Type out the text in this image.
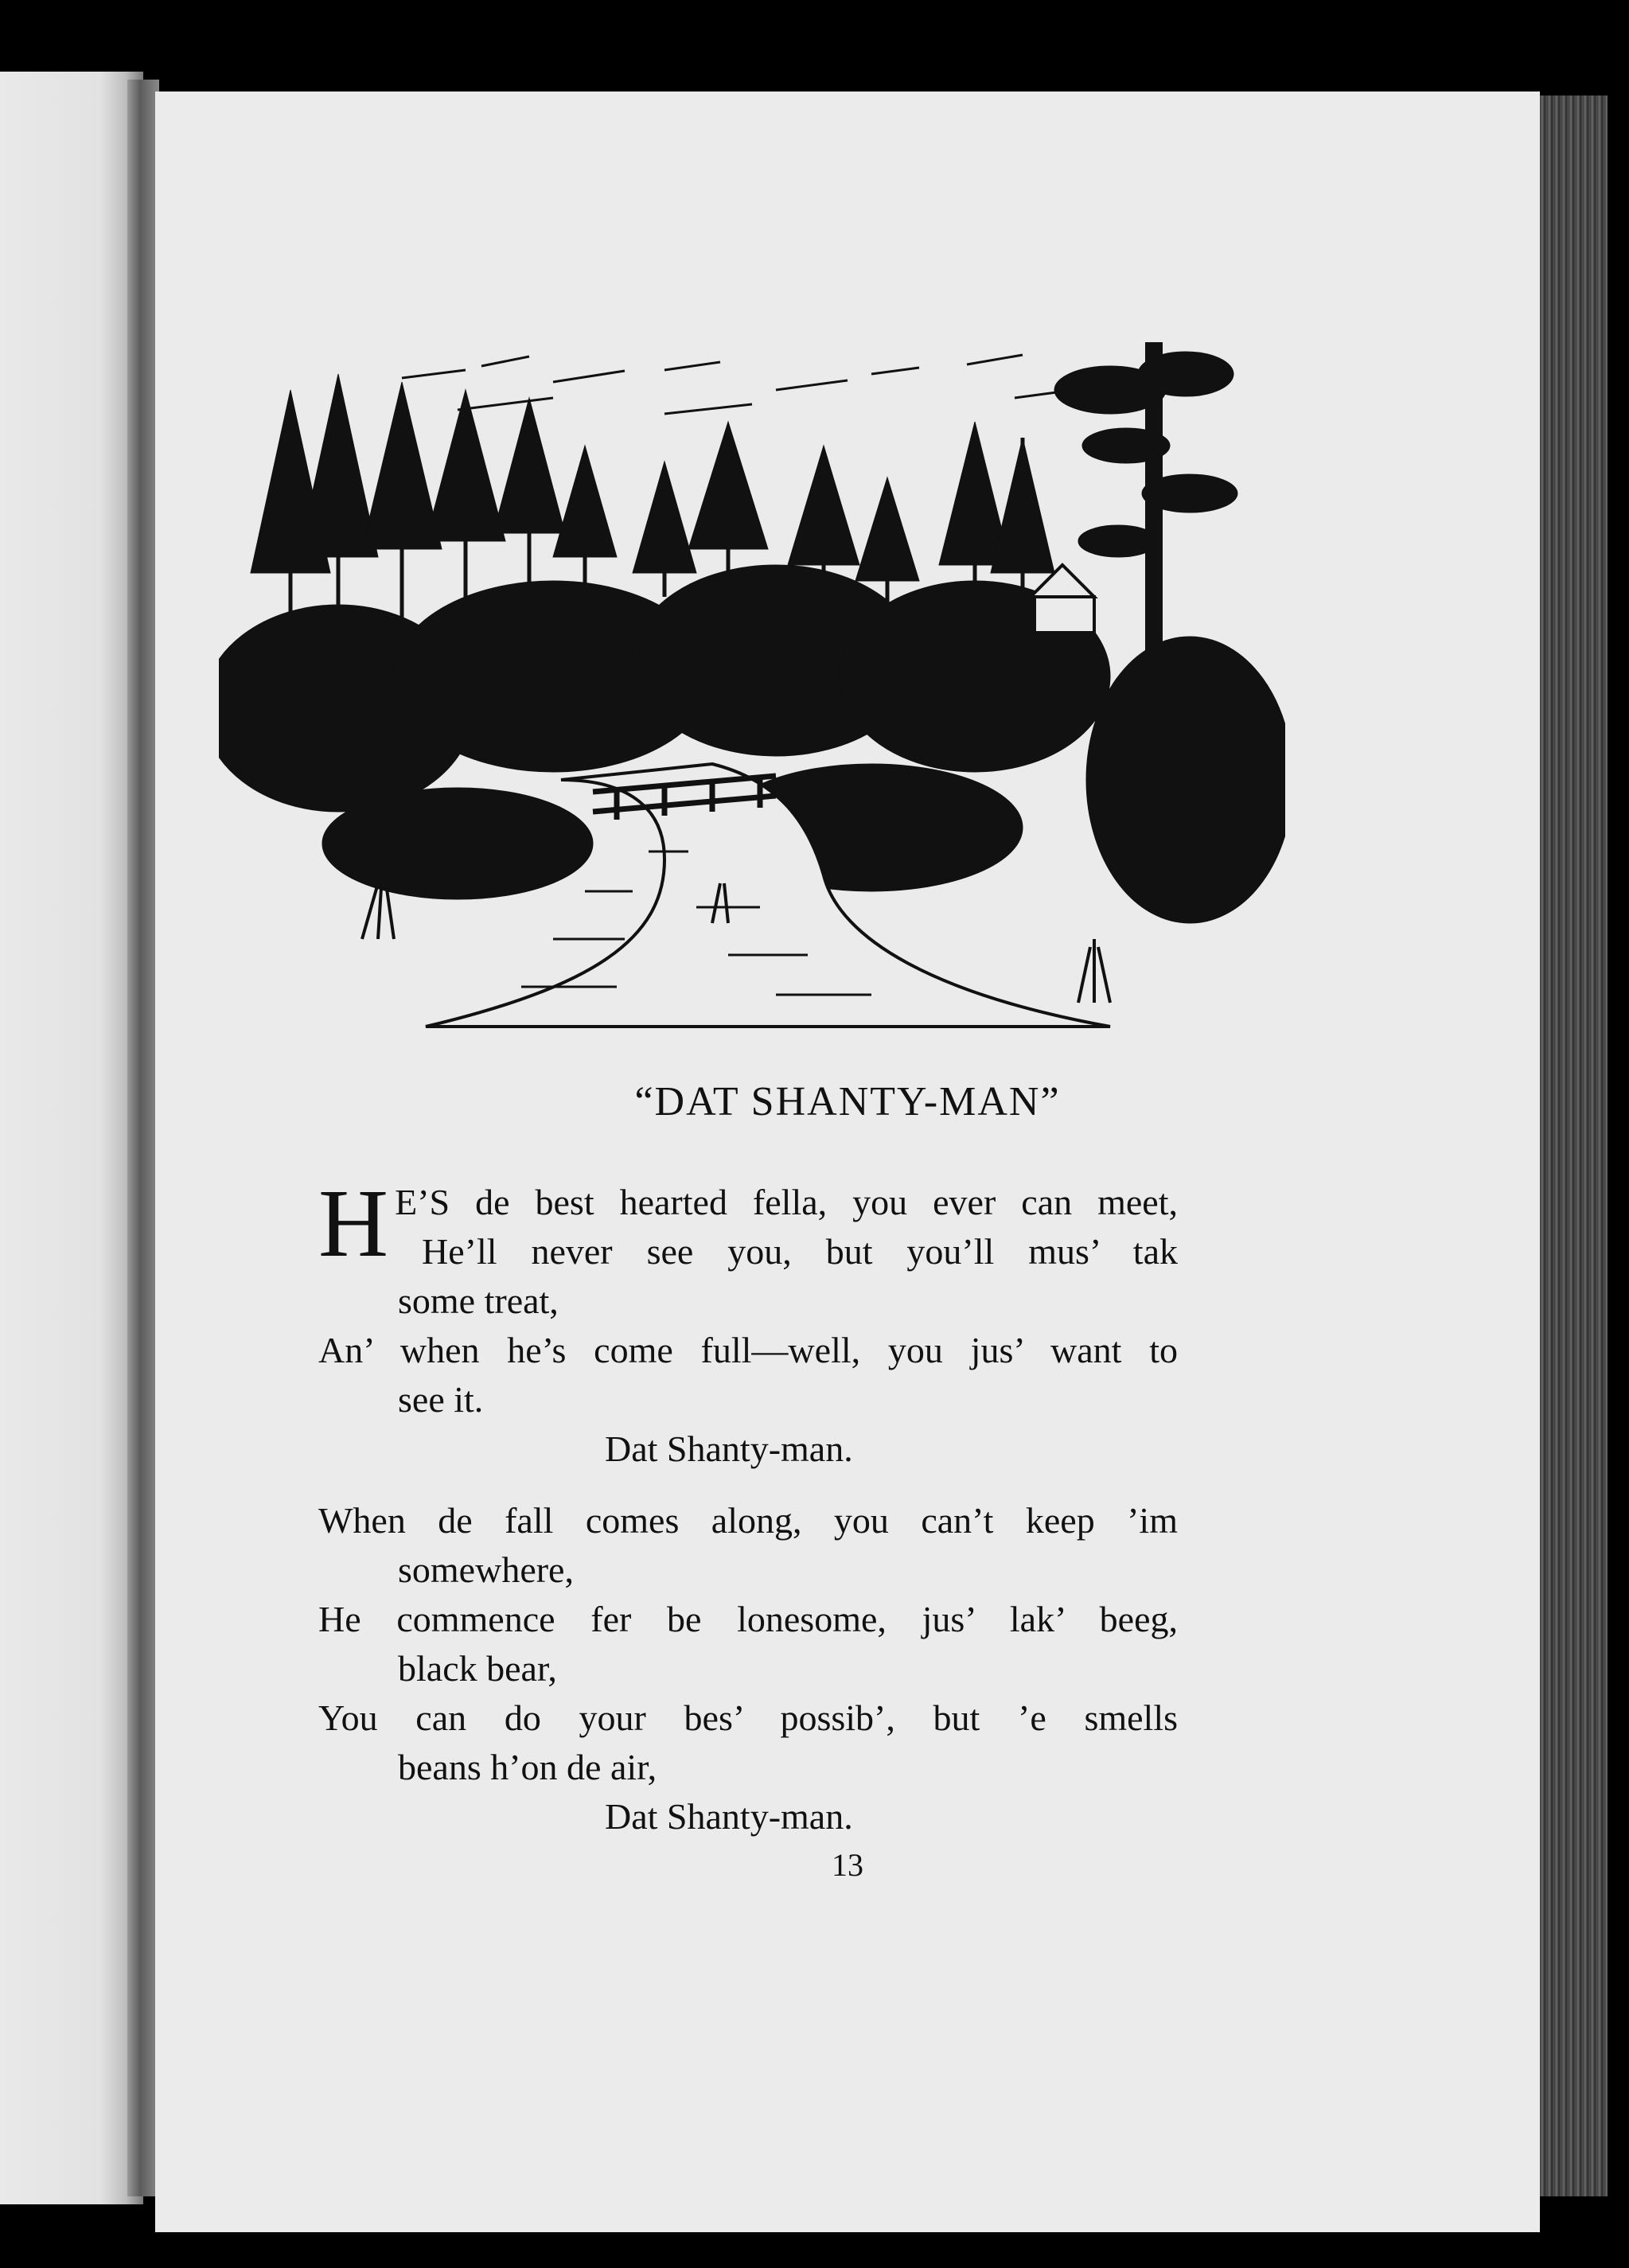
“DAT SHANTY-MAN”
H E’S de best hearted fella, you ever can meet,
He’ll never see you, but you’ll mus’ tak
some treat,
An’ when he’s come full—well, you jus’ want to
see it.
Dat Shanty-man.
When de fall comes along, you can’t keep ’im
somewhere,
He commence fer be lonesome, jus’ lak’ beeg,
black bear,
You can do your bes’ possib’, but ’e smells
beans h’on de air,
Dat Shanty-man.
13
